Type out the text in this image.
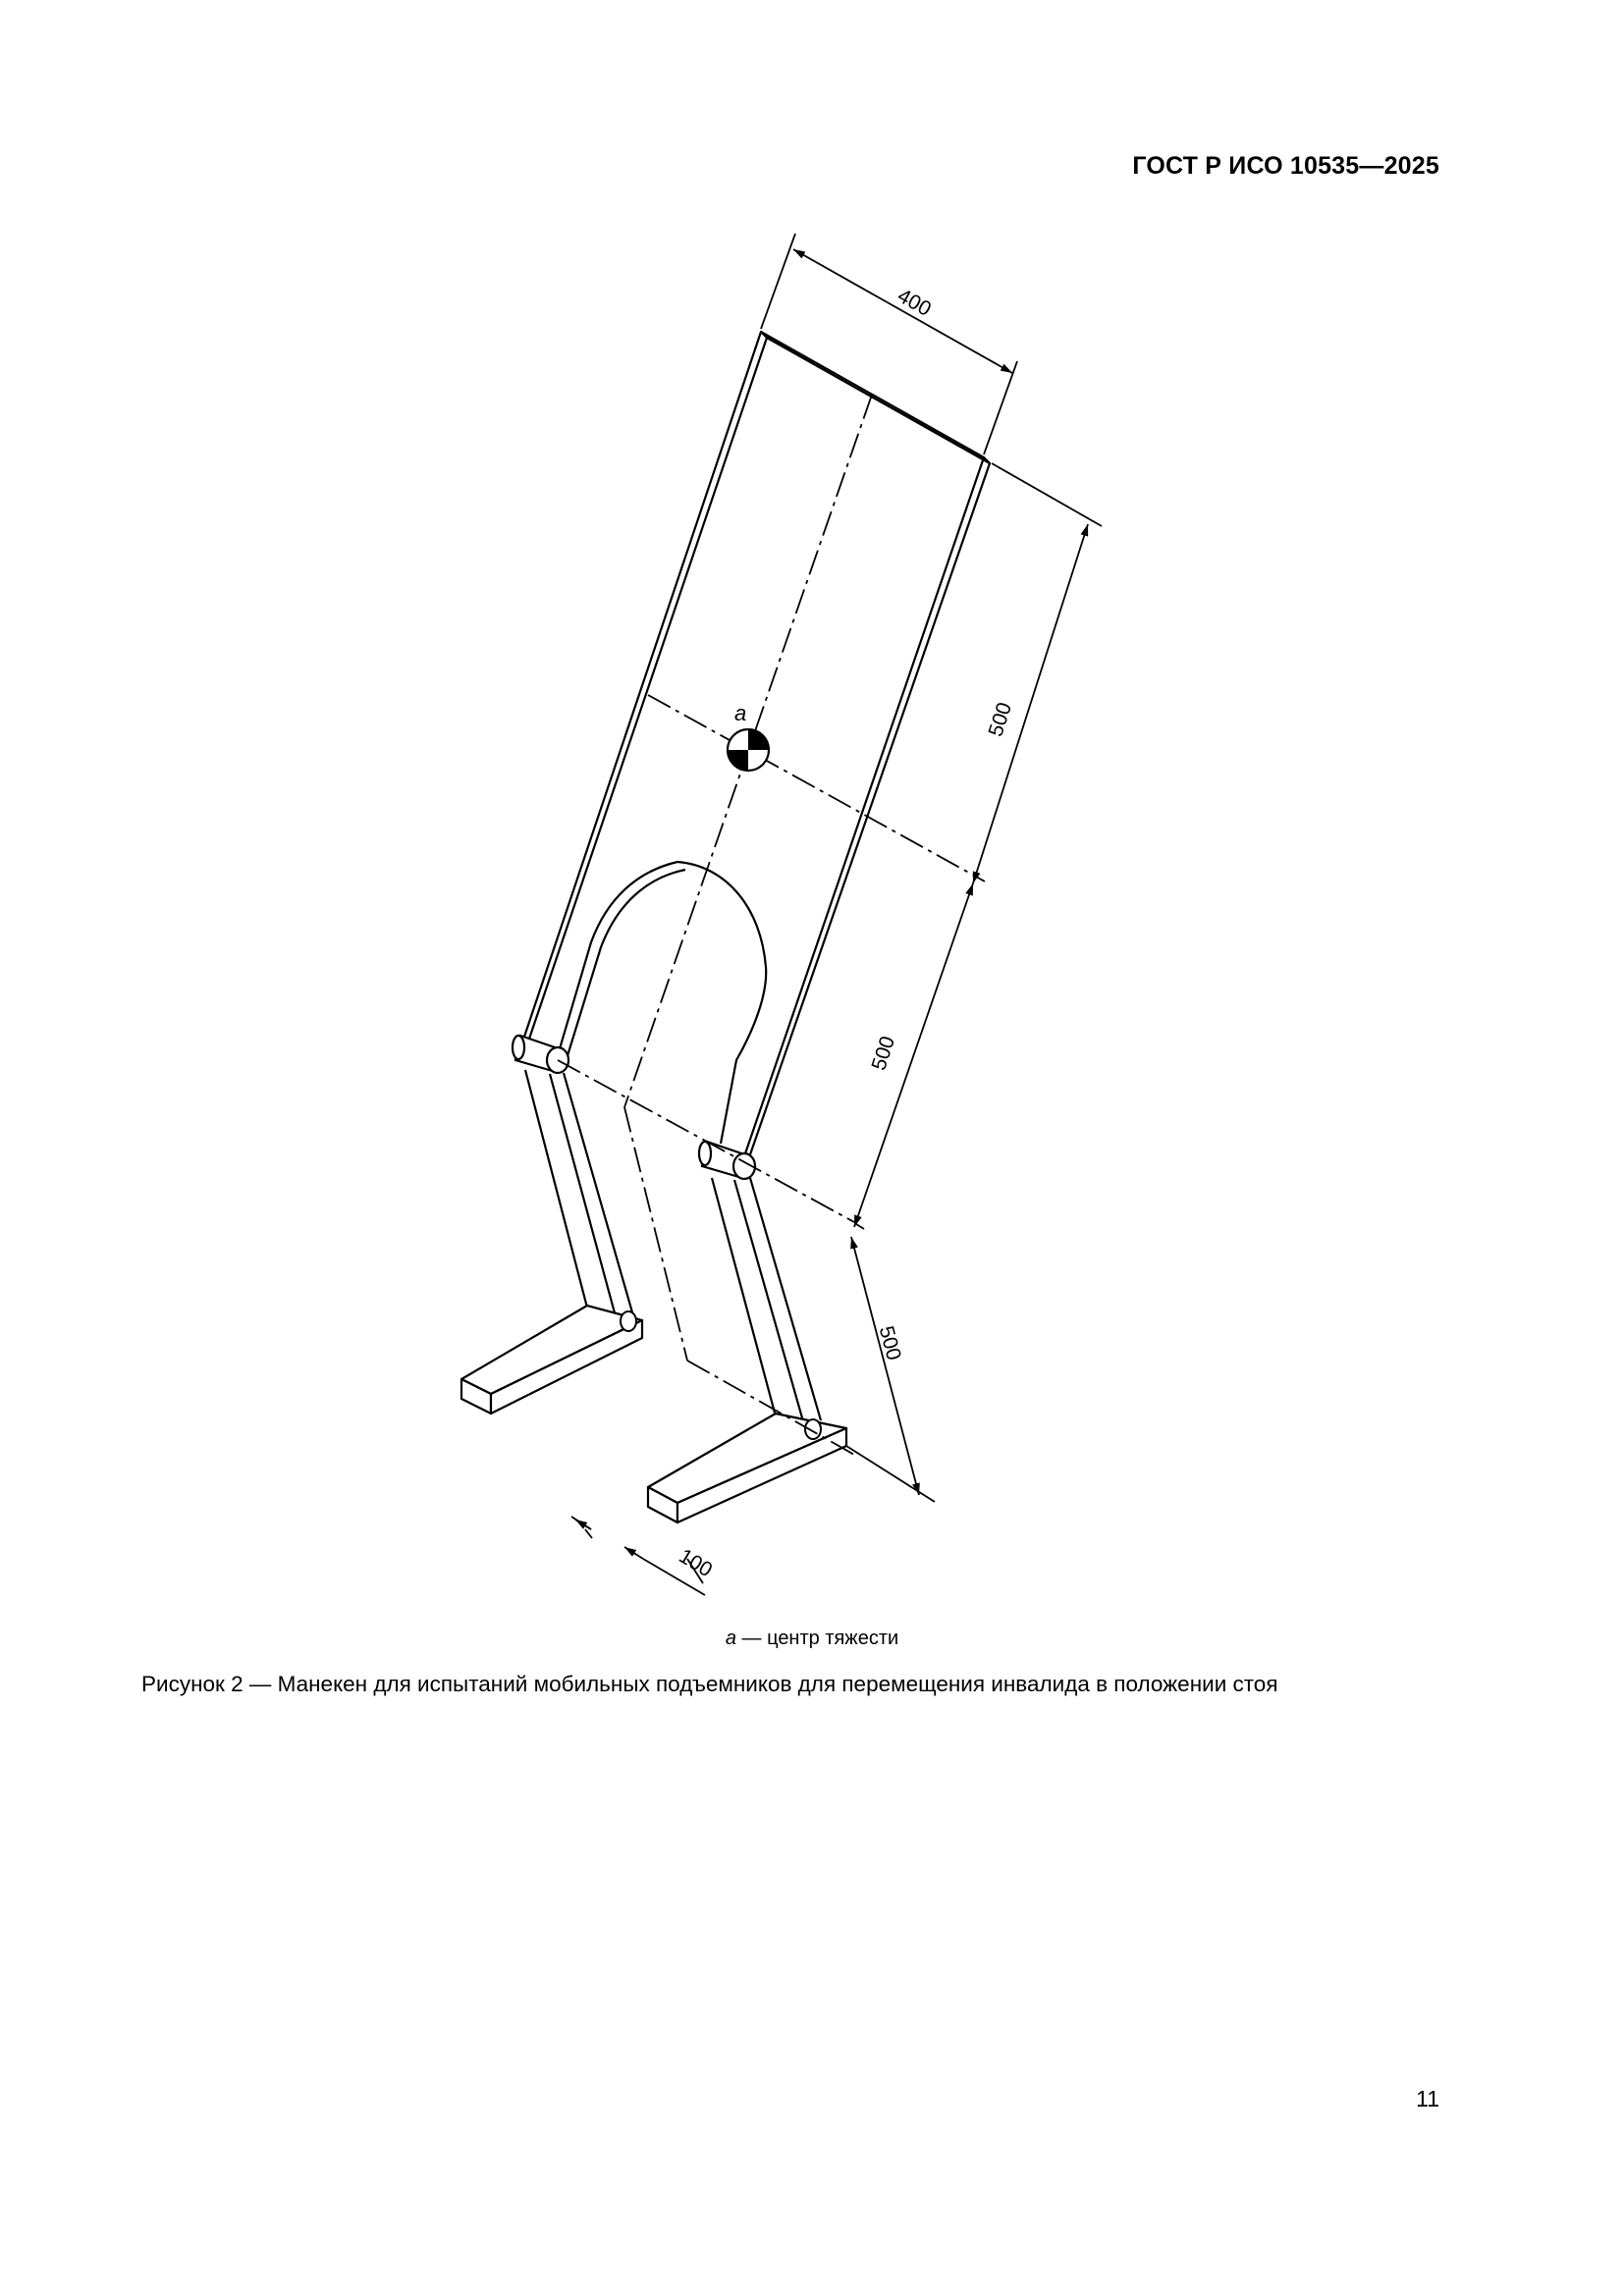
ГОСТ Р ИСО 10535—2025
a
400
500
500
500
100
a — центр тяжести
Рисунок 2 — Манекен для испытаний мобильных подъемников для перемещения инвалида в положении стоя
11
